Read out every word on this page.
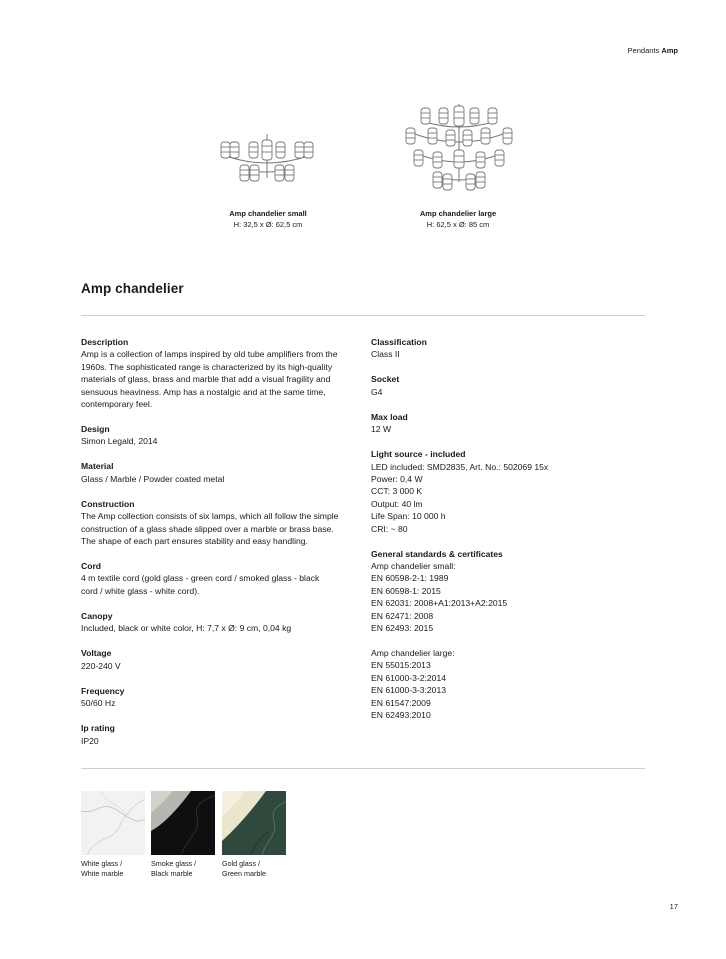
Pendants Amp
Amp chandelier small
H: 32,5 x Ø: 62,5 cm
Amp chandelier large
H: 62,5 x Ø: 85 cm
Amp chandelier
Description
Amp is a collection of lamps inspired by old tube amplifiers from the
1960s. The sophisticated range is characterized by its high-quality
materials of glass, brass and marble that add a visual fragility and
sensuous heaviness. Amp has a nostalgic and at the same time,
contemporary feel.
Design
Simon Legald, 2014
Material
Glass / Marble / Powder coated metal
Construction
The Amp collection consists of six lamps, which all follow the simple
construction of a glass shade slipped over a marble or brass base.
The shape of each part ensures stability and easy handling.
Cord
4 m textile cord (gold glass - green cord / smoked glass - black
cord / white glass - white cord).
Canopy
Included, black or white color, H: 7,7 x Ø: 9 cm, 0,04 kg
Voltage
220-240 V
Frequency
50/60 Hz
Ip rating
IP20
Classification
Class II
Socket
G4
Max load
12 W
Light source - included
LED included: SMD2835, Art. No.: 502069 15x
Power: 0,4 W
CCT: 3 000 K
Output: 40 lm
Life Span: 10 000 h
CRI: ~ 80
General standards & certificates
Amp chandelier small:
EN 60598-2-1: 1989
EN 60598-1: 2015
EN 62031: 2008+A1:2013+A2:2015
EN 62471: 2008
EN 62493: 2015
Amp chandelier large:
EN 55015:2013
EN 61000-3-2:2014
EN 61000-3-3:2013
EN 61547:2009
EN 62493:2010
White glass /
White marble
Smoke glass /
Black marble
Gold glass /
Green marble
17
